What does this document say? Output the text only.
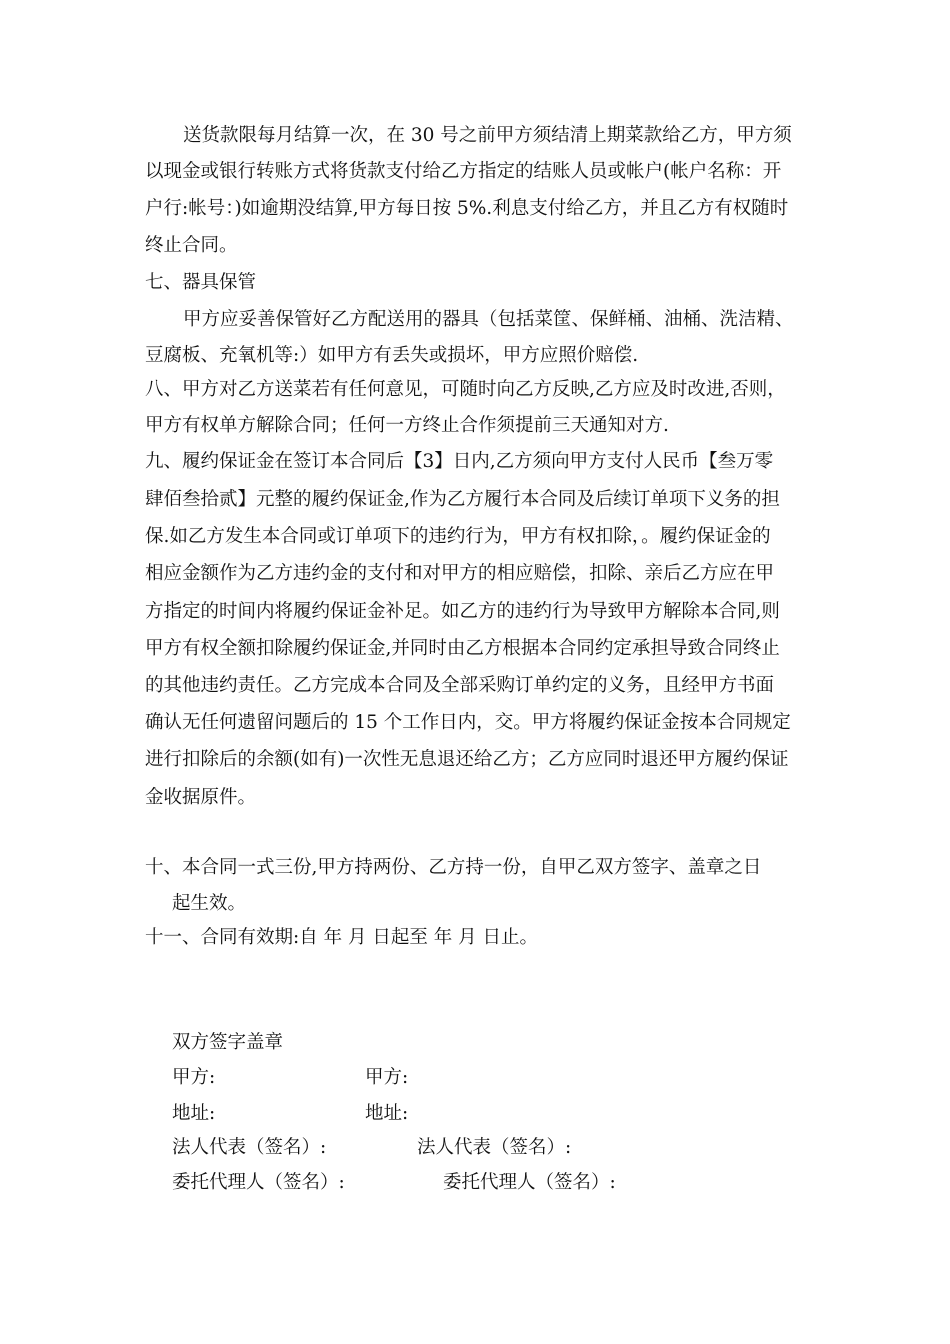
送货款限每月结算一次，在 30 号之前甲方须结清上期菜款给乙方，甲方须
以现金或银行转账方式将货款支付给乙方指定的结账人员或帐户(帐户名称：开
户行:帐号：)如逾期没结算,甲方每日按 5%.利息支付给乙方，并且乙方有权随时
终止合同。
七、器具保管
甲方应妥善保管好乙方配送用的器具（包括菜筐、保鲜桶、油桶、洗洁精、
豆腐板、充氧机等:）如甲方有丢失或损坏，甲方应照价赔偿.
八、甲方对乙方送菜若有任何意见，可随时向乙方反映,乙方应及时改进,否则，
甲方有权单方解除合同；任何一方终止合作须提前三天通知对方.
九、履约保证金在签订本合同后【3】日内,乙方须向甲方支付人民币【叁万零
肆佰叁拾贰】元整的履约保证金,作为乙方履行本合同及后续订单项下义务的担
保.如乙方发生本合同或订单项下的违约行为，甲方有权扣除，。履约保证金的
相应金额作为乙方违约金的支付和对甲方的相应赔偿，扣除、亲后乙方应在甲
方指定的时间内将履约保证金补足。如乙方的违约行为导致甲方解除本合同,则
甲方有权全额扣除履约保证金,并同时由乙方根据本合同约定承担导致合同终止
的其他违约责任。乙方完成本合同及全部采购订单约定的义务，且经甲方书面
确认无任何遗留问题后的 15 个工作日内，交。甲方将履约保证金按本合同规定
进行扣除后的余额(如有)一次性无息退还给乙方；乙方应同时退还甲方履约保证
金收据原件。
十、本合同一式三份,甲方持两份、乙方持一份，自甲乙双方签字、盖章之日
起生效。
十一、合同有效期:自 年 月 日起至 年 月 日止。
双方签字盖章
甲方:	甲方:
地址:	地址:
法人代表（签名）:	法人代表（签名）:
委托代理人（签名）:	委托代理人（签名）:
